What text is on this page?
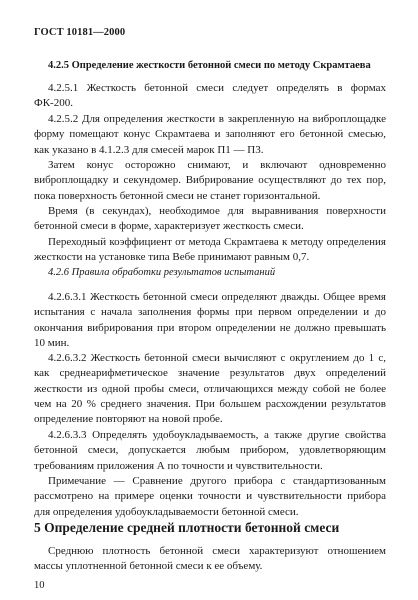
ГОСТ 10181—2000
4.2.5 Определение жесткости бетонной смеси по методу Скрамтаева

4.2.5.1 Жесткость бетонной смеси следует определять в формах ФК-200.

4.2.5.2 Для определения жесткости в закрепленную на виброплощадке форму помещают конус Скрамтаева и заполняют его бетонной смесью, как указано в 4.1.2.3 для смесей марок П1 — П3.

Затем конус осторожно снимают, и включают одновременно виброплощадку и секундомер. Вибрирование осуществляют до тех пор, пока поверхность бетонной смеси не станет горизонтальной.

Время (в секундах), необходимое для выравнивания поверхности бетонной смеси в форме, характеризует жесткость смеси.

Переходный коэффициент от метода Скрамтаева к методу определения жесткости на установке типа Вебе принимают равным 0,7.

4.2.6 Правила обработки результатов испытаний

4.2.6.3.1 Жесткость бетонной смеси определяют дважды. Общее время испытания с начала заполнения формы при первом определении и до окончания вибрирования при втором определении не должно превышать 10 мин.

4.2.6.3.2 Жесткость бетонной смеси вычисляют с округлением до 1 с, как среднеарифметическое значение результатов двух определений жесткости из одной пробы смеси, отличающихся между собой не более чем на 20 % среднего значения. При большем расхождении результатов определение повторяют на новой пробе.

4.2.6.3.3 Определять удобоукладываемость, а также другие свойства бетонной смеси, допускается любым прибором, удовлетворяющим требованиям приложения А по точности и чувствительности.

Примечание — Сравнение другого прибора с стандартизованным рассмотрено на примере оценки точности и чувствительности прибора для определения удобоукладываемости бетонной смеси.

5 Определение средней плотности бетонной смеси

Среднюю плотность бетонной смеси характеризуют отношением массы уплотненной бетонной смеси к ее объему.

10
